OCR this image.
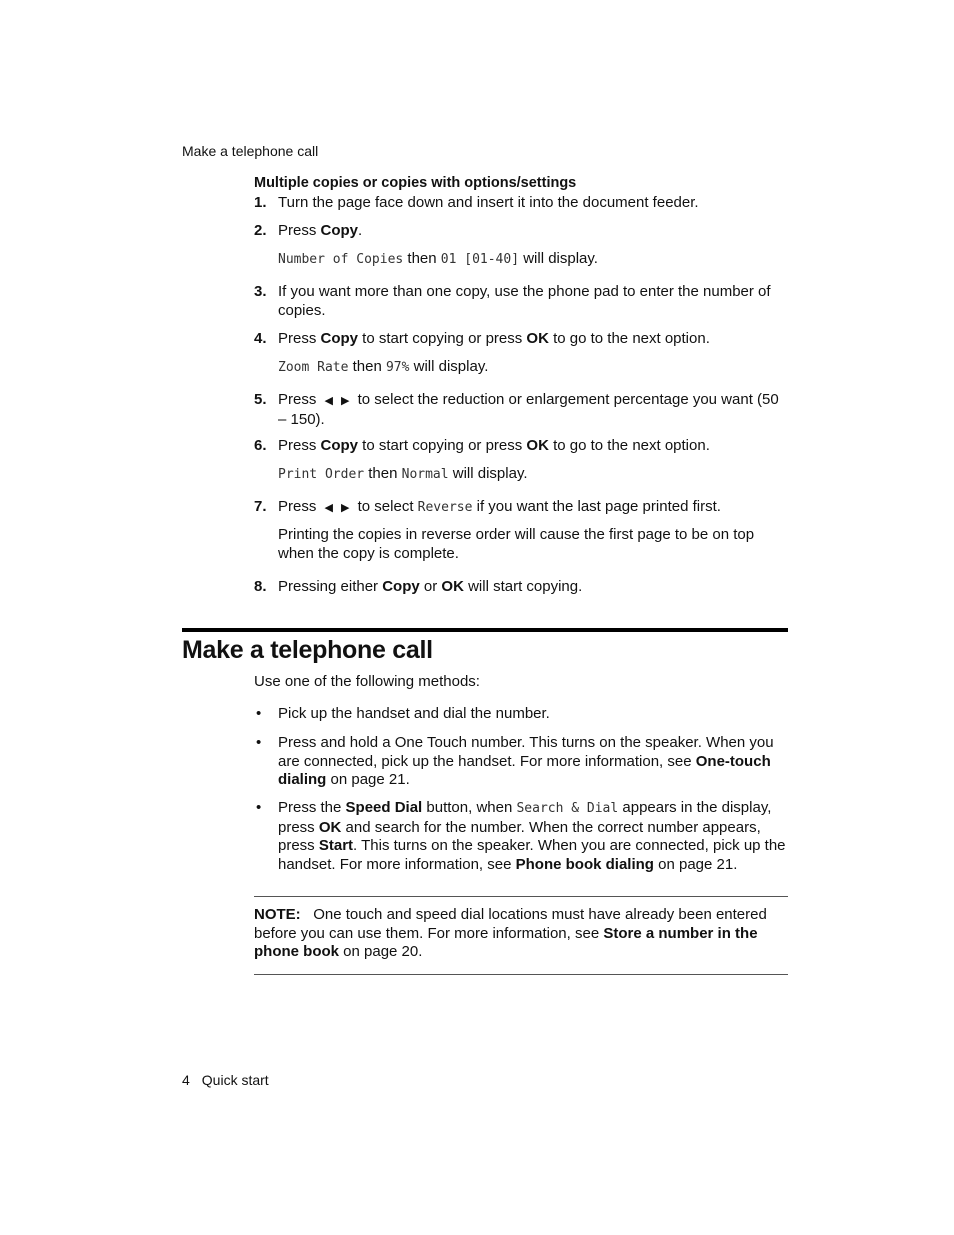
Make a telephone call
Multiple copies or copies with options/settings
1. Turn the page face down and insert it into the document feeder.
2. Press Copy.
Number of Copies then 01 [01-40] will display.
3. If you want more than one copy, use the phone pad to enter the number of copies.
4. Press Copy to start copying or press OK to go to the next option.
Zoom Rate then 97% will display.
5. Press ◀ ▶ to select the reduction or enlargement percentage you want (50 – 150).
6. Press Copy to start copying or press OK to go to the next option.
Print Order then Normal will display.
7. Press ◀ ▶ to select Reverse if you want the last page printed first.
Printing the copies in reverse order will cause the first page to be on top when the copy is complete.
8. Pressing either Copy or OK will start copying.
Make a telephone call
Use one of the following methods:
• Pick up the handset and dial the number.
• Press and hold a One Touch number. This turns on the speaker. When you are connected, pick up the handset. For more information, see One-touch dialing on page 21.
• Press the Speed Dial button, when Search & Dial appears in the display, press OK and search for the number. When the correct number appears, press Start. This turns on the speaker. When you are connected, pick up the handset. For more information, see Phone book dialing on page 21.
NOTE: One touch and speed dial locations must have already been entered before you can use them. For more information, see Store a number in the phone book on page 20.
4 Quick start
